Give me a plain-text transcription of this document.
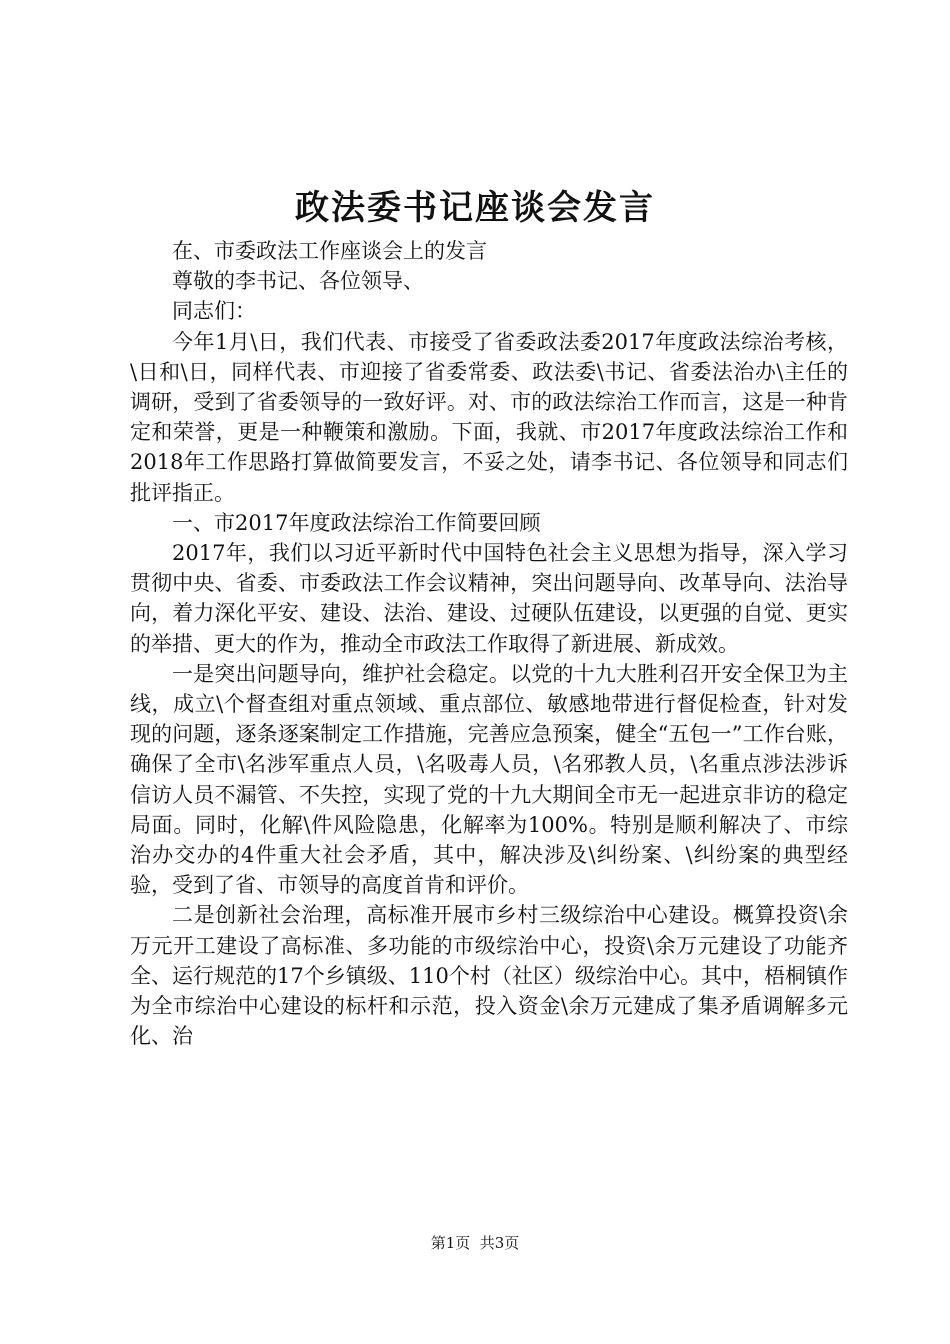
政法委书记座谈会发言

在、市委政法工作座谈会上的发言

尊敬的李书记、各位领导、

同志们：

今年1月\日，我们代表、市接受了省委政法委2017年度政法综治考核，\日和\日，同样代表、市迎接了省委常委、政法委\书记、省委法治办\主任的调研，受到了省委领导的一致好评。对、市的政法综治工作而言，这是一种肯定和荣誉，更是一种鞭策和激励。下面，我就、市2017年度政法综治工作和2018年工作思路打算做简要发言，不妥之处，请李书记、各位领导和同志们批评指正。

一、市2017年度政法综治工作简要回顾

2017年，我们以习近平新时代中国特色社会主义思想为指导，深入学习贯彻中央、省委、市委政法工作会议精神，突出问题导向、改革导向、法治导向，着力深化平安、建设、法治、建设、过硬队伍建设，以更强的自觉、更实的举措、更大的作为，推动全市政法工作取得了新进展、新成效。

一是突出问题导向，维护社会稳定。以党的十九大胜利召开安全保卫为主线，成立\个督查组对重点领域、重点部位、敏感地带进行督促检查，针对发现的问题，逐条逐案制定工作措施，完善应急预案，健全“五包一”工作台账，确保了全市\名涉军重点人员，\名吸毒人员，\名邪教人员，\名重点涉法涉诉信访人员不漏管、不失控，实现了党的十九大期间全市无一起进京非访的稳定局面。同时，化解\件风险隐患，化解率为100%。特别是顺利解决了、市综治办交办的4件重大社会矛盾，其中，解决涉及\纠纷案、\纠纷案的典型经验，受到了省、市领导的高度首肯和评价。

二是创新社会治理，高标准开展市乡村三级综治中心建设。概算投资\余万元开工建设了高标准、多功能的市级综治中心，投资\余万元建设了功能齐全、运行规范的17个乡镇级、110个村（社区）级综治中心。其中，梧桐镇作为全市综治中心建设的标杆和示范，投入资金\余万元建成了集矛盾调解多元化、治

第1页  共3页
